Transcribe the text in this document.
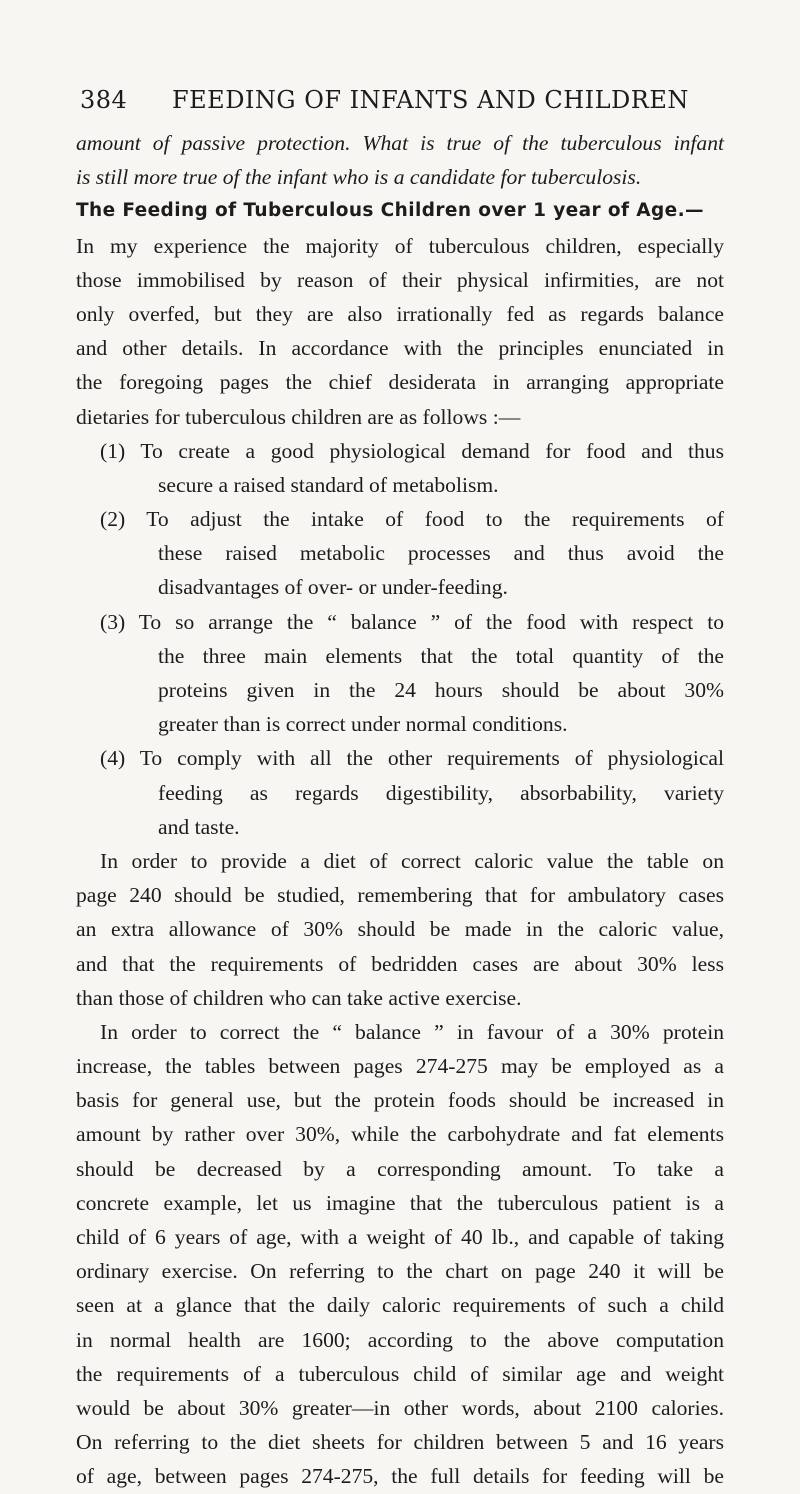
384	FEEDING OF INFANTS AND CHILDREN
amount of passive protection. What is true of the tuberculous infant
is still more true of the infant who is a candidate for tuberculosis.
The Feeding of Tuberculous Children over 1 year of Age.—
In my experience the majority of tuberculous children, especially
those immobilised by reason of their physical infirmities, are not
only overfed, but they are also irrationally fed as regards balance
and other details. In accordance with the principles enunciated in
the foregoing pages the chief desiderata in arranging appropriate
dietaries for tuberculous children are as follows :—
(1) To create a good physiological demand for food and thus
secure a raised standard of metabolism.
(2) To adjust the intake of food to the requirements of
these raised metabolic processes and thus avoid the
disadvantages of over- or under-feeding.
(3) To so arrange the “ balance ” of the food with respect to
the three main elements that the total quantity of the
proteins given in the 24 hours should be about 30%
greater than is correct under normal conditions.
(4) To comply with all the other requirements of physiological
feeding as regards digestibility, absorbability, variety
and taste.
In order to provide a diet of correct caloric value the table on
page 240 should be studied, remembering that for ambulatory cases
an extra allowance of 30% should be made in the caloric value,
and that the requirements of bedridden cases are about 30% less
than those of children who can take active exercise.
In order to correct the “ balance ” in favour of a 30% protein
increase, the tables between pages 274-275 may be employed as a
basis for general use, but the protein foods should be increased in
amount by rather over 30%, while the carbohydrate and fat elements
should be decreased by a corresponding amount. To take a
concrete example, let us imagine that the tuberculous patient is a
child of 6 years of age, with a weight of 40 lb., and capable of taking
ordinary exercise. On referring to the chart on page 240 it will be
seen at a glance that the daily caloric requirements of such a child
in normal health are 1600; according to the above computation
the requirements of a tuberculous child of similar age and weight
would be about 30% greater—in other words, about 2100 calories.
On referring to the diet sheets for children between 5 and 16 years
of age, between pages 274-275, the full details for feeding will be
